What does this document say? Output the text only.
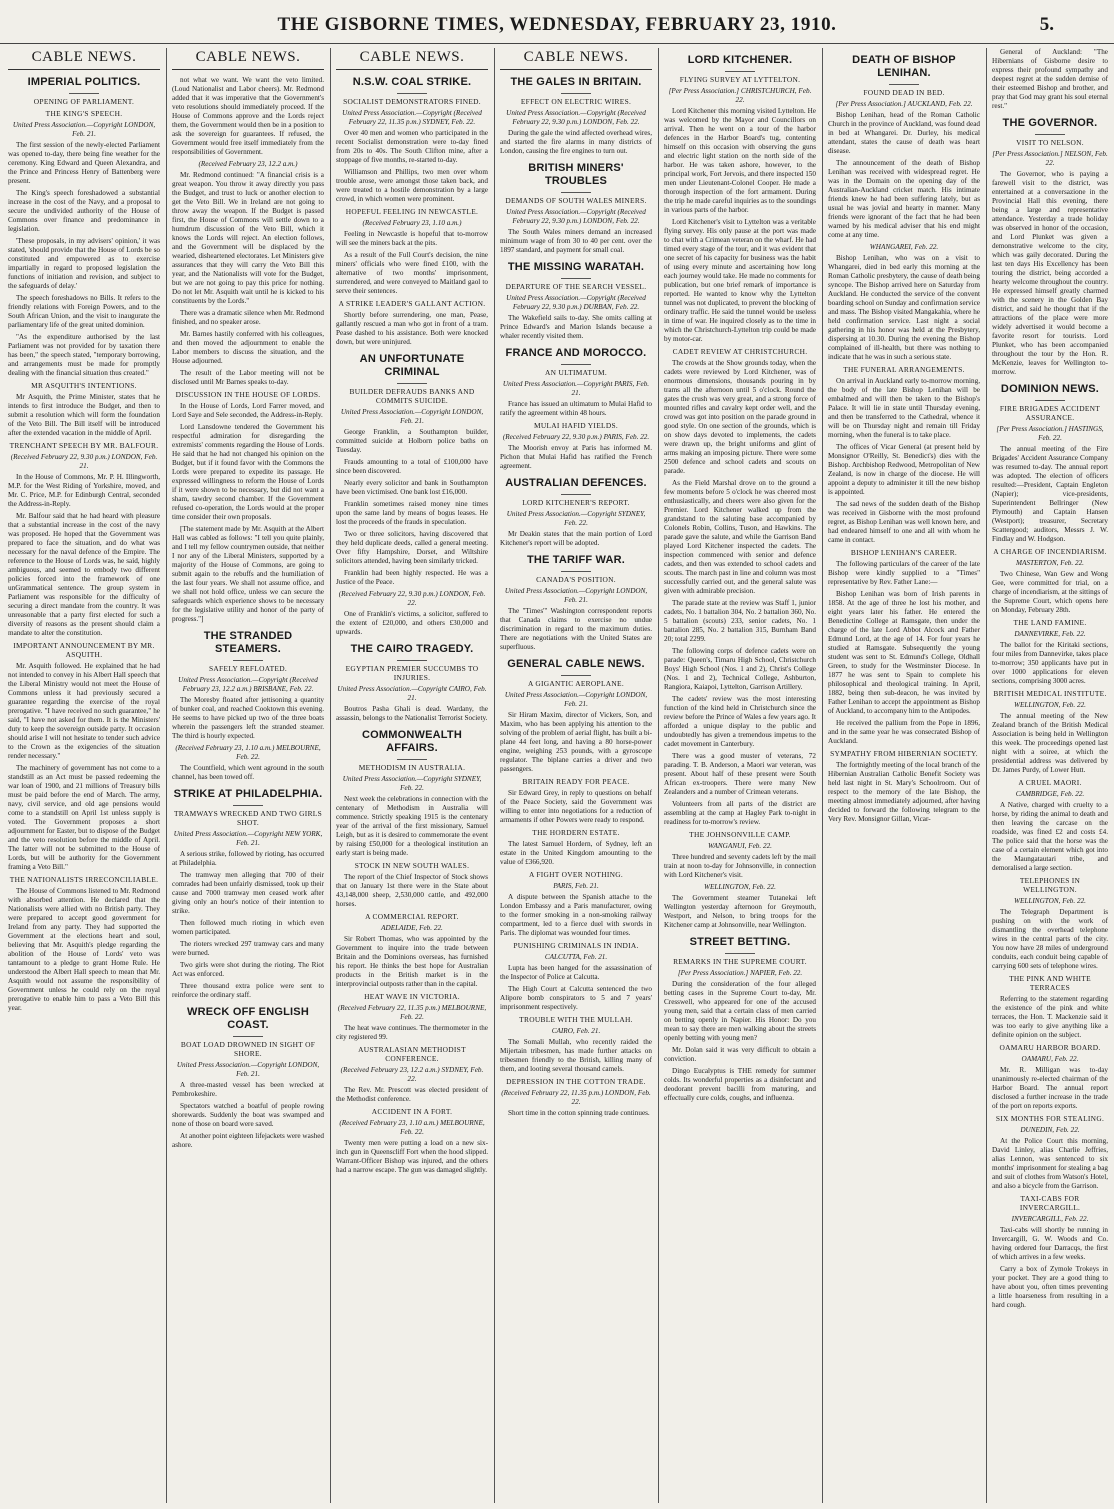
THE GISBORNE TIMES, WEDNESDAY, FEBRUARY 23, 1910.	5.
CABLE NEWS.
IMPERIAL POLITICS.
OPENING OF PARLIAMENT.
THE KING'S SPEECH.

United Press Association.—Copyright LONDON, Feb. 21.

The first session of the newly-elected Parliament was opened to-day, there being fine weather for the ceremony. King Edward and Queen Alexandra, and the Prince and Princess Henry of Battenberg were present.

The King's speech foreshadowed a substantial increase in the cost of the Navy, and a proposal to secure the undivided authority of the House of Commons over finance and predominance in legislation.

'These proposals, in my advisers' opinion,' it was stated, 'should provide that the House of Lords be so constituted and empowered as to exercise impartially in regard to proposed legislation the functions of initiation and revision, and subject to the safeguards of delay.'

The speech foreshadows no Bills. It refers to the friendly relations with Foreign Powers, and to the South African Union, and the visit to inaugurate the parliamentary life of the great united dominion.

"As the expenditure authorised by the last Parliament was not provided for by taxation there has been," the speech stated, "temporary borrowing, and arrangements must be made for promptly dealing with the financial situation thus created."

MR ASQUITH'S INTENTIONS.

Mr Asquith, the Prime Minister, states that he intends to first introduce the Budget, and then to submit a resolution which will form the foundation of the Veto Bill. The Bill itself will be introduced after the extended vacation in the middle of April.

TRENCHANT SPEECH BY MR. BALFOUR.

(Received February 22, 9.30 p.m.) LONDON, Feb. 21.

In the House of Commons, Mr. P. H. Illingworth, M.P. for the West Riding of Yorkshire, moved, and Mr. C. Price, M.P. for Edinburgh Central, seconded the Address-in-Reply.

Mr. Balfour said that he had heard with pleasure that a substantial increase in the cost of the navy was proposed. He hoped that the Government was prepared to face the situation, and do what was necessary for the naval defence of the Empire. The reference to the House of Lords was, he said, highly ambiguous, and seemed to embody two different policies forced into the framework of one unGrammatical sentence. The group system in Parliament was responsible for the difficulty of securing a direct mandate from the country. It was unreasonable that a party first elected for such a diversity of reasons as the present should claim a mandate to alter the constitution.

IMPORTANT ANNOUNCEMENT BY MR. ASQUITH.

Mr. Asquith followed. He explained that he had not intended to convey in his Albert Hall speech that the Liberal Ministry would not meet the House of Commons unless it had previously secured a guarantee regarding the exercise of the royal prerogative. "I have received no such guarantee," he said, "I have not asked for them. It is the Ministers' duty to keep the sovereign outside party. It occasion should arise I will not hesitate to tender such advice to the Crown as the exigencies of the situation render necessary."

The machinery of government has not come to a standstill as an Act must be passed redeeming the war loan of 1900, and 21 millions of Treasury bills must be paid before the end of March. The army, navy, civil service, and old age pensions would come to a standstill on April 1st unless supply is voted. The Government proposes a short adjournment for Easter, but to dispose of the Budget and the veto resolution before the middle of April. The latter will not be submitted to the House of Lords, but will be authority for the Government framing a Veto Bill."

THE NATIONALISTS IRRECONCILIABLE.

The House of Commons listened to Mr. Redmond with absorbed attention. He declared that the Nationalists were allied with no British party. They were prepared to accept good government for Ireland from any party. They had supported the Government at the elections heart and soul, believing that Mr. Asquith's pledge regarding the abolition of the House of Lords' veto was tantamount to a pledge to grant Home Rule. He understood the Albert Hall speech to mean that Mr. Asquith would not assume the responsibility of Government unless he could rely on the royal prerogative to enable him to pass a Veto Bill this year.

CABLE NEWS.

not what we want. We want the veto limited. (Loud Nationalist and Labor cheers). Mr. Redmond added that it was imperative that the Government's veto resolutions should immediately proceed. If the House of Commons approve and the Lords reject them, the Government would then be in a position to ask the sovereign for guarantees. If refused, the Government would free itself immediately from the responsibilities of Government.

(Received February 23, 12.2 a.m.)

Mr. Redmond continued: "A financial crisis is a great weapon. You throw it away directly you pass the Budget, and trust to luck or another election to get the Veto Bill. We in Ireland are not going to throw away the weapon. If the Budget is passed first, the House of Commons will settle down to a humdrum discussion of the Veto Bill, which it knows the Lords will reject. An election follows, and the Government will be displaced by the wearied, disheartened electorates. Let Ministers give assurances that they will carry the Veto Bill this year, and the Nationalists will vote for the Budget, but we are not going to pay this price for nothing. Do not let Mr. Asquith wait until he is kicked to his constituents by the Lords."

There was a dramatic silence when Mr. Redmond finished, and no speaker arose.

Mr. Barnes hastily conferred with his colleagues, and then moved the adjournment to enable the Labor members to discuss the situation, and the House adjourned.

The result of the Labor meeting will not be disclosed until Mr Barnes speaks to-day.

DISCUSSION IN THE HOUSE OF LORDS.

In the House of Lords, Lord Farrer moved, and Lord Saye and Sele seconded, the Address-in-Reply.

Lord Lansdowne tendered the Government his respectful admiration for disregarding the extremists' comments regarding the House of Lords. He said that he had not changed his opinion on the Budget, but if it found favor with the Commons the Lords were prepared to expedite its passage. He expressed willingness to reform the House of Lords if it were shown to be necessary, but did not want a sham, tawdry second chamber. If the Government refused co-operation, the Lords would at the proper time consider their own proposals.

[The statement made by Mr. Asquith at the Albert Hall was cabled as follows: "I tell you quite plainly, and I tell my fellow countrymen outside, that neither I nor any of the Liberal Ministers, supported by a majority of the House of Commons, are going to submit again to the rebuffs and the humiliation of the last four years. We shall not assume office, and we shall not hold office, unless we can secure the safeguards which experience shows to be necessary for the legislative utility and honor of the party of progress."]

THE STRANDED STEAMERS.
SAFELY REFLOATED.

United Press Association.—Copyright (Received February 23, 12.2 a.m.) BRISBANE, Feb. 22.

The Moresby floated after jettisoning a quantity of bunker coal, and reached Cooktown this evening. He seems to have picked up two of the three boats wherein the passengers left the stranded steamer. The third is hourly expected.

(Received February 23, 1.10 a.m.) MELBOURNE, Feb. 22.

The Countfield, which went aground in the south channel, has been towed off.

STRIKE AT PHILADELPHIA.
TRAMWAYS WRECKED AND TWO GIRLS SHOT.

United Press Association.—Copyright NEW YORK, Feb. 21.

A serious strike, followed by rioting, has occurred at Philadelphia.

The tramway men alleging that 700 of their comrades had been unfairly dismissed, took up their cause and 7000 tramway men ceased work after giving only an hour's notice of their intention to strike.

Then followed much rioting in which even women participated.

The rioters wrecked 297 tramway cars and many were burned.

Two girls were shot during the rioting. The Riot Act was enforced.

Three thousand extra police were sent to reinforce the ordinary staff.

WRECK OFF ENGLISH COAST.
BOAT LOAD DROWNED IN SIGHT OF SHORE.

United Press Association.—Copyright LONDON, Feb. 21.

A three-masted vessel has been wrecked at Pembrokeshire.

Spectators watched a boatful of people rowing shorewards. Suddenly the boat was swamped and none of those on board were saved.

At another point eighteen lifejackets were washed ashore.

CABLE NEWS.
N.S.W. COAL STRIKE.
SOCIALIST DEMONSTRATORS FINED.

United Press Association.—Copyright (Received February 22, 11.35 p.m.) SYDNEY, Feb. 22.

Over 40 men and women who participated in the recent Socialist demonstration were to-day fined from 20s to 40s. The South Clifton mine, after a stoppage of five months, re-started to-day.

Williamson and Phillips, two men over whom trouble arose, were amongst those taken back, and were treated to a hostile demonstration by a large crowd, in which women were prominent.

HOPEFUL FEELING IN NEWCASTLE.

(Received February 23, 1.10 a.m.)

Feeling in Newcastle is hopeful that to-morrow will see the miners back at the pits.

As a result of the Full Court's decision, the nine miners' officials who were fined £100, with the alternative of two months' imprisonment, surrendered, and were conveyed to Maitland gaol to serve their sentences.

A STRIKE LEADER'S GALLANT ACTION.

Shortly before surrendering, one man, Pease, gallantly rescued a man who got in front of a tram. Pease dashed to his assistance. Both were knocked down, but were uninjured.

AN UNFORTUNATE CRIMINAL
BUILDER DEFRAUDS BANKS AND COMMITS SUICIDE.

United Press Association.—Copyright LONDON, Feb. 21.

George Franklin, a Southampton builder, committed suicide at Holborn police baths on Tuesday.

Frauds amounting to a total of £100,000 have since been discovered.

Nearly every solicitor and bank in Southampton have been victimised. One bank lost £16,000.

Franklin sometimes raised money nine times upon the same land by means of bogus leases. He lost the proceeds of the frauds in speculation.

Two or three solicitors, having discovered that they held duplicate deeds, called a general meeting. Over fifty Hampshire, Dorset, and Wiltshire solicitors attended, having been similarly tricked.

Franklin had been highly respected. He was a Justice of the Peace.

(Received February 22, 9.30 p.m.) LONDON, Feb. 22.

One of Franklin's victims, a solicitor, suffered to the extent of £20,000, and others £30,000 and upwards.

THE CAIRO TRAGEDY.
EGYPTIAN PREMIER SUCCUMBS TO INJURIES.

United Press Association.—Copyright CAIRO, Feb. 21.

Boutros Pasha Ghali is dead. Wardany, the assassin, belongs to the Nationalist Terrorist Society.

COMMONWEALTH AFFAIRS.
METHODISM IN AUSTRALIA.

United Press Association.—Copyright SYDNEY, Feb. 22.

Next week the celebrations in connection with the centenary of Methodism in Australia will commence. Strictly speaking 1915 is the centenary year of the arrival of the first missionary, Samuel Leigh, but as it is desired to commemorate the event by raising £50,000 for a theological institution an early start is being made.

STOCK IN NEW SOUTH WALES.

The report of the Chief Inspector of Stock shows that on January 1st there were in the State about 43,148,000 sheep, 2,530,000 cattle, and 492,000 horses.

A COMMERCIAL REPORT.

ADELAIDE, Feb. 22.

Sir Robert Thomas, who was appointed by the Government to inquire into the trade between Britain and the Dominions overseas, has furnished his report. He thinks the best hope for Australian products in the British market is in the interprovincial outposts rather than in the capital.

HEAT WAVE IN VICTORIA.

(Received February 22, 11.35 p.m.) MELBOURNE, Feb. 22.

The heat wave continues. The thermometer in the city registered 99.

AUSTRALASIAN METHODIST CONFERENCE.

(Received February 23, 12.2 a.m.) SYDNEY, Feb. 22.

The Rev. Mr. Prescott was elected president of the Methodist conference.

ACCIDENT IN A FORT.

(Received February 23, 1.10 a.m.) MELBOURNE, Feb. 22.

Twenty men were putting a load on a new six-inch gun in Queenscliff Fort when the hood slipped. Warrant-Officer Bishop was injured, and the others had a narrow escape. The gun was damaged slightly.

CABLE NEWS.
THE GALES IN BRITAIN.
EFFECT ON ELECTRIC WIRES.

United Press Association.—Copyright (Received February 22, 9.30 p.m.) LONDON, Feb. 22.

During the gale the wind affected overhead wires, and started the fire alarms in many districts of London, causing the fire engines to turn out.

BRITISH MINERS' TROUBLES
DEMANDS OF SOUTH WALES MINERS.

United Press Association.—Copyright (Received February 22, 9.30 p.m.) LONDON, Feb. 22.

The South Wales miners demand an increased minimum wage of from 30 to 40 per cent. over the 1897 standard, and payment for small coal.

THE MISSING WARATAH.
DEPARTURE OF THE SEARCH VESSEL.

United Press Association.—Copyright (Received February 22, 9.30 p.m.) DURBAN, Feb. 22.

The Wakefield sails to-day. She omits calling at Prince Edward's and Marion Islands because a whaler recently visited them.

FRANCE AND MOROCCO.
AN ULTIMATUM.

United Press Association.—Copyright PARIS, Feb. 21.

France has issued an ultimatum to Mulai Hafid to ratify the agreement within 48 hours.

MULAI HAFID YIELDS.

(Received February 22, 9.30 p.m.) PARIS, Feb. 22.

The Moorish envoy at Paris has informed M. Pichon that Mulai Hafid has ratified the French agreement.

AUSTRALIAN DEFENCES.
LORD KITCHENER'S REPORT.

United Press Association.—Copyright SYDNEY, Feb. 22.

Mr Deakin states that the main portion of Lord Kitchener's report will be adopted.

THE TARIFF WAR.
CANADA'S POSITION.

United Press Association.—Copyright LONDON, Feb. 21.

The "Times'" Washington correspondent reports that Canada claims to exercise no undue discrimination in regard to the maximum duties. There are negotiations with the United States are superfluous.

GENERAL CABLE NEWS.
A GIGANTIC AEROPLANE.

United Press Association.—Copyright LONDON, Feb. 21.

Sir Hiram Maxim, director of Vickers, Son, and Maxim, who has been applying his attention to the solving of the problem of aerial flight, has built a bi-plane 44 feet long, and having a 80 horse-power engine, weighing 253 pounds, with a gyroscope regulator. The biplane carries a driver and two passengers.

BRITAIN READY FOR PEACE.

Sir Edward Grey, in reply to questions on behalf of the Peace Society, said the Government was willing to enter into negotiations for a reduction of armaments if other Powers were ready to respond.

THE HORDERN ESTATE.

The latest Samuel Hordern, of Sydney, left an estate in the United Kingdom amounting to the value of £366,920.

A FIGHT OVER NOTHING.

PARIS, Feb. 21.

A dispute between the Spanish attache to the London Embassy and a Paris manufacturer, owing to the former smoking in a non-smoking railway compartment, led to a fierce duel with swords in Paris. The diplomat was wounded four times.

PUNISHING CRIMINALS IN INDIA.

CALCUTTA, Feb. 21.

Lupta has been hanged for the assassination of the Inspector of Police at Calcutta.

The High Court at Calcutta sentenced the two Alipore bomb conspirators to 5 and 7 years' imprisonment respectively.

TROUBLE WITH THE MULLAH.

CAIRO, Feb. 21.

The Somali Mullah, who recently raided the Mijertain tribesmen, has made further attacks on tribesmen friendly to the British, killing many of them, and looting several thousand camels.

DEPRESSION IN THE COTTON TRADE.

(Received February 22, 11.35 p.m.) LONDON, Feb. 22.

Short time in the cotton spinning trade continues.

LORD KITCHENER.
FLYING SURVEY AT LYTTELTON.

[Per Press Association.] CHRISTCHURCH, Feb. 22.

Lord Kitchener this morning visited Lyttelton. He was welcomed by the Mayor and Councillors on arrival. Then he went on a tour of the harbor defences in the Harbor Board's tug, contenting himself on this occasion with observing the guns and electric light station on the north side of the harbor. He was taken ashore, however, to the principal work, Fort Jervois, and there inspected 150 men under Lieutenant-Colonel Cooper. He made a thorough inspection of the fort armament. During the trip he made careful inquiries as to the soundings in various parts of the harbor.

Lord Kitchener's visit to Lyttelton was a veritable flying survey. His only pause at the port was made to chat with a Crimean veteran on the wharf. He had timed every stage of the tour, and it was evident that one secret of his capacity for business was the habit of using every minute and ascertaining how long each journey would take. He made no comments for publication, but one brief remark of importance is reported. He wanted to know why the Lyttelton tunnel was not duplicated, to prevent the blocking of ordinary traffic. He said the tunnel would be useless in time of war. He inquired closely as to the time in which the Christchurch-Lyttelton trip could be made by motor-car.

CADET REVIEW AT CHRISTCHURCH.

The crowds at the Show grounds today, when the cadets were reviewed by Lord Kitchener, was of enormous dimensions, thousands pouring in by trams all the afternoon until 5 o'clock. Round the gates the crush was very great, and a strong force of mounted rifles and cavalry kept order well, and the crowd was got into position on the parade ground in good style. On one section of the grounds, which is on show days devoted to implements, the cadets were drawn up, the bright uniforms and glint of arms making an imposing picture. There were some 2500 defence and school cadets and scouts on parade.

As the Field Marshal drove on to the ground a few moments before 5 o'clock he was cheered most enthusiastically, and cheers were also given for the Premier. Lord Kitchener walked up from the grandstand to the saluting base accompanied by Colonels Robin, Collins, Tuson, and Hawkins. The parade gave the salute, and while the Garrison Band played Lord Kitchener inspected the cadets. The inspection commenced with senior and defence cadets, and then was extended to school cadets and scouts. The march past in line and column was most successfully carried out, and the general salute was given with admirable precision.

The parade state at the review was Staff 1, junior cadets, No. 1 battalion 304, No. 2 battalion 360, No. 5 battalion (scouts) 233, senior cadets, No. 1 battalion 285, No. 2 battalion 315, Burnham Band 20; total 2299.

The following corps of defence cadets were on parade: Queen's, Timaru High School, Christchurch Boys' High School (Nos. 1 and 2), Christ's College (Nos. 1 and 2), Technical College, Ashburton, Rangiora, Kaiapoi, Lyttelton, Garrison Artillery.

The cadets' review was the most interesting function of the kind held in Christchurch since the review before the Prince of Wales a few years ago. It afforded a unique display to the public and undoubtedly has given a tremendous impetus to the cadet movement in Canterbury.

There was a good muster of veterans, 72 parading. T. B. Anderson, a Maori war veteran, was present. About half of these present were South African ex-troopers. There were many New Zealanders and a number of Crimean veterans.

Volunteers from all parts of the district are assembling at the camp at Hagley Park to-night in readiness for to-morrow's review.

THE JOHNSONVILLE CAMP.

WANGANUI, Feb. 22.

Three hundred and seventy cadets left by the mail train at noon to-day for Johnsonville, in connection with Lord Kitchener's visit.

WELLINGTON, Feb. 22.

The Government steamer Tutanekai left Wellington yesterday afternoon for Greymouth, Westport, and Nelson, to bring troops for the Kitchener camp at Johnsonville, near Wellington.

STREET BETTING.
REMARKS IN THE SUPREME COURT.

[Per Press Association.] NAPIER, Feb. 22.

During the consideration of the four alleged betting cases in the Supreme Court to-day, Mr. Cresswell, who appeared for one of the accused young men, said that a certain class of men carried on betting openly in Napier. His Honor: Do you mean to say there are men walking about the streets openly betting with young men?

Mr. Dolan said it was very difficult to obtain a conviction.

Dingo Eucalyptus is THE remedy for summer colds. Its wonderful properties as a disinfectant and deodorant prevent bacilli from maturing, and effectually cure colds, coughs, and influenza.

DEATH OF BISHOP LENIHAN.
FOUND DEAD IN BED.

[Per Press Association.] AUCKLAND, Feb. 22.

Bishop Lenihan, head of the Roman Catholic Church in the province of Auckland, was found dead in bed at Whangarei. Dr. Durley, his medical attendant, states the cause of death was heart disease.

The announcement of the death of Bishop Lenihan was received with widespread regret. He was in the Domain on the opening day of the Australian-Auckland cricket match. His intimate friends knew he had been suffering lately, but as usual he was jovial and hearty in manner. Many friends were ignorant of the fact that he had been warned by his medical adviser that his end might come at any time.

WHANGAREI, Feb. 22.

Bishop Lenihan, who was on a visit to Whangarei, died in bed early this morning at the Roman Catholic presbytery, the cause of death being syncope. The Bishop arrived here on Saturday from Auckland. He conducted the service of the convent boarding school on Sunday and confirmation service and mass. The Bishop visited Mangakahia, where he held confirmation service. Last night a social gathering in his honor was held at the Presbytery, dispersing at 10.30. During the evening the Bishop complained of ill-health, but there was nothing to indicate that he was in such a serious state.

THE FUNERAL ARRANGEMENTS.

On arrival in Auckland early to-morrow morning, the body of the late Bishop Lenihan will be embalmed and will then be taken to the Bishop's Palace. It will lie in state until Thursday evening, and then be transferred to the Cathedral, whence it will be on Thursday night and remain till Friday morning, when the funeral is to take place.

The offices of Vicar General (at present held by Monsignor O'Reilly, St. Benedict's) dies with the Bishop. Archbishop Redwood, Metropolitan of New Zealand, is now in charge of the diocese. He will appoint a deputy to administer it till the new bishop is appointed.

The sad news of the sudden death of the Bishop was received in Gisborne with the most profound regret, as Bishop Lenihan was well known here, and had endeared himself to one and all with whom he came in contact.

BISHOP LENIHAN'S CAREER.

The following particulars of the career of the late Bishop were kindly supplied to a "Times" representative by Rev. Father Lane:—

Bishop Lenihan was born of Irish parents in 1858. At the age of three he lost his mother, and eight years later his father. He entered the Benedictine College at Ramsgate, then under the charge of the late Lord Abbot Alcock and Father Edmund Lord, at the age of 14. For four years he studied at Ramsgate. Subsequently the young student was sent to St. Edmund's College, Oldhall Green, to study for the Westminster Diocese. In 1877 he was sent to Spain to complete his philosophical and theological training. In April, 1882, being then sub-deacon, he was invited by Father Lenihan to accept the appointment as Bishop of Auckland, to accompany him to the Antipodes.

He received the pallium from the Pope in 1896, and in the same year he was consecrated Bishop of Auckland.

SYMPATHY FROM HIBERNIAN SOCIETY.

The fortnightly meeting of the local branch of the Hibernian Australian Catholic Benefit Society was held last night in St. Mary's Schoolroom. Out of respect to the memory of the late Bishop, the meeting almost immediately adjourned, after having decided to forward the following telegram to the Very Rev. Monsignor Gillan, Vicar-

General of Auckland: "The Hibernians of Gisborne desire to express their profound sympathy and deepest regret at the sudden demise of their esteemed Bishop and brother, and pray that God may grant his soul eternal rest."

THE GOVERNOR.
VISIT TO NELSON.

[Per Press Association.] NELSON, Feb. 22.

The Governor, who is paying a farewell visit to the district, was entertained at a conversazione in the Provincial Hall this evening, there being a large and representative attendance. Yesterday a trade holiday was observed in honor of the occasion, and Lord Plunket was given a demonstrative welcome to the city, which was gaily decorated. During the last ten days His Excellency has been touring the district, being accorded a hearty welcome throughout the country. He expressed himself greatly charmed with the scenery in the Golden Bay district, and said he thought that if the attractions of the place were more widely advertised it would become a favorite resort for tourists. Lord Plunket, who has been accompanied throughout the tour by the Hon. R. McKenzie, leaves for Wellington to-morrow.

DOMINION NEWS.
FIRE BRIGADES ACCIDENT ASSURANCE.

[Per Press Association.] HASTINGS, Feb. 22.

The annual meeting of the Fire Brigades' Accident Assurance Company was resumed to-day. The annual report was adopted. The election of officers resulted:—President, Captain Engleton (Napier); vice-presidents, Superintendent Bellringer (New Plymouth) and Captain Hansen (Westport); treasurer, Secretary Scattergood; auditors, Messrs J. W. Findlay and W. Hodgson.

A CHARGE OF INCENDIARISM.

MASTERTON, Feb. 22.

Two Chinese, Wan Gew and Wong Gee, were committed for trial, on a charge of incendiarism, at the sittings of the Supreme Court, which opens here on Monday, February 28th.

THE LAND FAMINE.

DANNEVIRKE, Feb. 22.

The ballot for the Kiritaki sections, four miles from Dannevirke, takes place to-morrow; 350 applicants have put in over 1000 applications for eleven sections, comprising 3000 acres.

BRITISH MEDICAL INSTITUTE.

WELLINGTON, Feb. 22.

The annual meeting of the New Zealand branch of the British Medical Association is being held in Wellington this week. The proceedings opened last night with a soiree, at which the presidential address was delivered by Dr. James Purdy, of Lower Hutt.

A CRUEL MAORI.

CAMBRIDGE, Feb. 22.

A Native, charged with cruelty to a horse, by riding the animal to death and then leaving the carcase on the roadside, was fined £2 and costs £4. The police said that the horse was the case of a certain element which got into the Maungatautari tribe, and demoralised a large section.

TELEPHONES IN WELLINGTON.

WELLINGTON, Feb. 22.

The Telegraph Department is pushing on with the work of dismantling the overhead telephone wires in the central parts of the city. You now have 28 miles of underground conduits, each conduit being capable of carrying 600 sets of telephone wires.

THE PINK AND WHITE TERRACES

Referring to the statement regarding the existence of the pink and white terraces, the Hon. T. Mackenzie said it was too early to give anything like a definite opinion on the subject.

OAMARU HARBOR BOARD.

OAMARU, Feb. 22.

Mr. R. Milligan was to-day unanimously re-elected chairman of the Harbor Board. The annual report disclosed a further increase in the trade of the port on reports exports.

SIX MONTHS FOR STEALING.

DUNEDIN, Feb. 22.

At the Police Court this morning, David Linley, alias Charlie Jeffries, alias Lennon, was sentenced to six months' imprisonment for stealing a bag and suit of clothes from Watson's Hotel, and also a bicycle from the Garrison.

TAXI-CABS FOR INVERCARGILL.

INVERCARGILL, Feb. 22.

Taxi-cabs will shortly be running in Invercargill, G. W. Woods and Co. having ordered four Darracqs, the first of which arrives in a few weeks.

Carry a box of Zymole Trokeys in your pocket. They are a good thing to have about you, often times preventing a little hoarseness from resulting in a hard cough.
